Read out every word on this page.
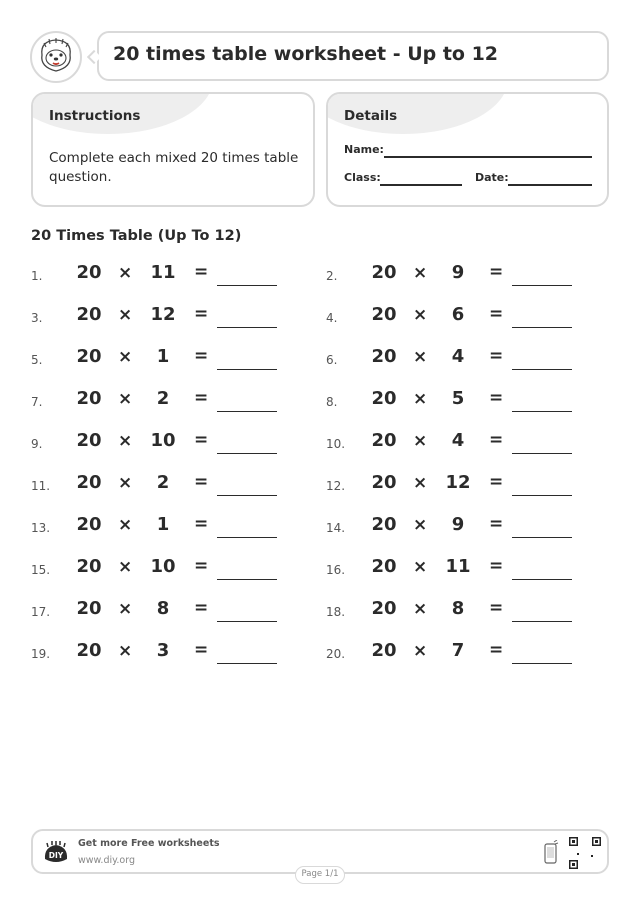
20 times table worksheet - Up to 12
Instructions
Complete each mixed 20 times table question.
Details
Name:
Class:	Date:
20 Times Table (Up To 12)
1. 20 × 11 =	2. 20 ×	9	=
3. 20 × 12 =	4. 20 ×	6	=
5. 20 ×	1	=	6. 20 ×	4	=
7. 20 ×	2	=	8. 20 ×	5	=
9. 20 × 10 =	10. 20 ×	4	=
11. 20 ×	2	=	12. 20 × 12 =
13. 20 ×	1	=	14. 20 ×	9	=
15. 20 × 10 =	16. 20 × 11 =
17. 20 ×	8	=	18. 20 ×	8	=
19. 20 ×	3	=	20. 20 ×	7	=
DIY
Get more Free worksheets
www.diy.org
Page 1/1
